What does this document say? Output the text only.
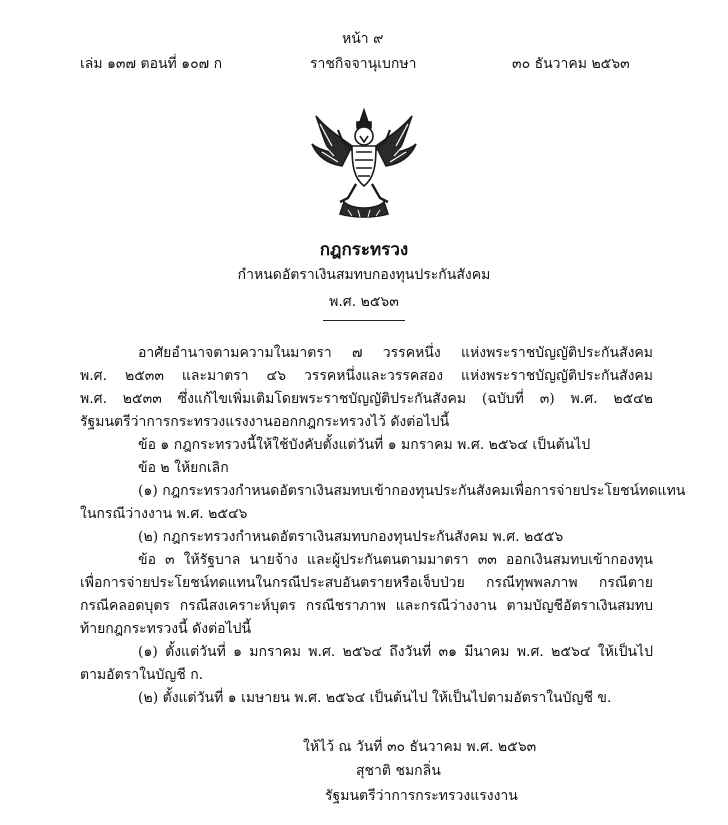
หน้า ๙
เล่ม ๑๓๗ ตอนที่ ๑๐๗ ก	ราชกิจจานุเบกษา	๓๐ ธันวาคม ๒๕๖๓
กฎกระทรวง
กำหนดอัตราเงินสมทบกองทุนประกันสังคม
พ.ศ. ๒๕๖๓
อาศัยอำนาจตามความในมาตรา ๗ วรรคหนึ่ง แห่งพระราชบัญญัติประกันสังคม
พ.ศ. ๒๕๓๓ และมาตรา ๔๖ วรรคหนึ่งและวรรคสอง แห่งพระราชบัญญัติประกันสังคม
พ.ศ. ๒๕๓๓ ซึ่งแก้ไขเพิ่มเติมโดยพระราชบัญญัติประกันสังคม (ฉบับที่ ๓) พ.ศ. ๒๕๔๒
รัฐมนตรีว่าการกระทรวงแรงงานออกกฎกระทรวงไว้ ดังต่อไปนี้
ข้อ ๑ กฎกระทรวงนี้ให้ใช้บังคับตั้งแต่วันที่ ๑ มกราคม พ.ศ. ๒๕๖๔ เป็นต้นไป
ข้อ ๒ ให้ยกเลิก
(๑) กฎกระทรวงกำหนดอัตราเงินสมทบเข้ากองทุนประกันสังคมเพื่อการจ่ายประโยชน์ทดแทน
ในกรณีว่างงาน พ.ศ. ๒๕๔๖
(๒) กฎกระทรวงกำหนดอัตราเงินสมทบกองทุนประกันสังคม พ.ศ. ๒๕๕๖
ข้อ ๓ ให้รัฐบาล นายจ้าง และผู้ประกันตนตามมาตรา ๓๓ ออกเงินสมทบเข้ากองทุน
เพื่อการจ่ายประโยชน์ทดแทนในกรณีประสบอันตรายหรือเจ็บป่วย กรณีทุพพลภาพ กรณีตาย
กรณีคลอดบุตร กรณีสงเคราะห์บุตร กรณีชราภาพ และกรณีว่างงาน ตามบัญชีอัตราเงินสมทบ
ท้ายกฎกระทรวงนี้ ดังต่อไปนี้
(๑) ตั้งแต่วันที่ ๑ มกราคม พ.ศ. ๒๕๖๔ ถึงวันที่ ๓๑ มีนาคม พ.ศ. ๒๕๖๔ ให้เป็นไป
ตามอัตราในบัญชี ก.
(๒) ตั้งแต่วันที่ ๑ เมษายน พ.ศ. ๒๕๖๔ เป็นต้นไป ให้เป็นไปตามอัตราในบัญชี ข.
ให้ไว้ ณ วันที่ ๓๐ ธันวาคม พ.ศ. ๒๕๖๓
สุชาติ ชมกลิ่น
รัฐมนตรีว่าการกระทรวงแรงงาน
